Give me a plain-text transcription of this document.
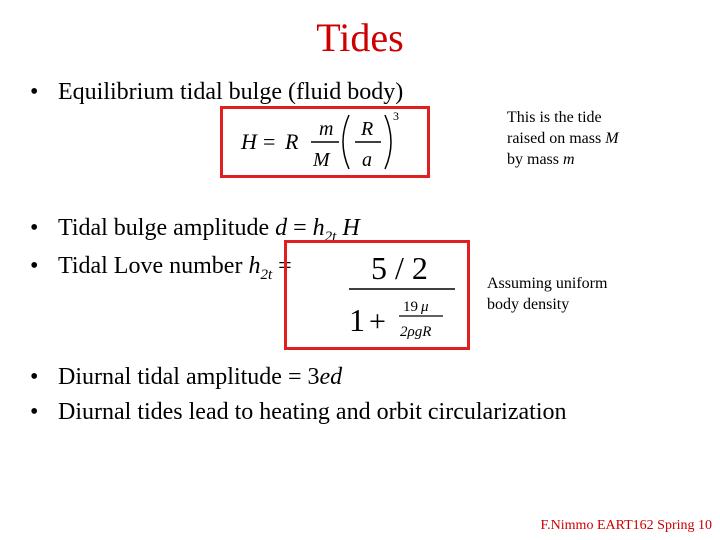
Tides
• Equilibrium tidal bulge (fluid body)
H = R m
M
R
a
3	This is the tide
raised on mass M
by mass m
• Tidal bulge amplitude $d = h_{2t}$ H
• Tidal Love number $h_{2t} = 5 / 2$
1 + 19 μ
2ρgR
Assuming uniform
body density
• Diurnal tidal amplitude = 3ed
• Diurnal tides lead to heating and orbit circularization
F.Nimmo EART162 Spring 10
